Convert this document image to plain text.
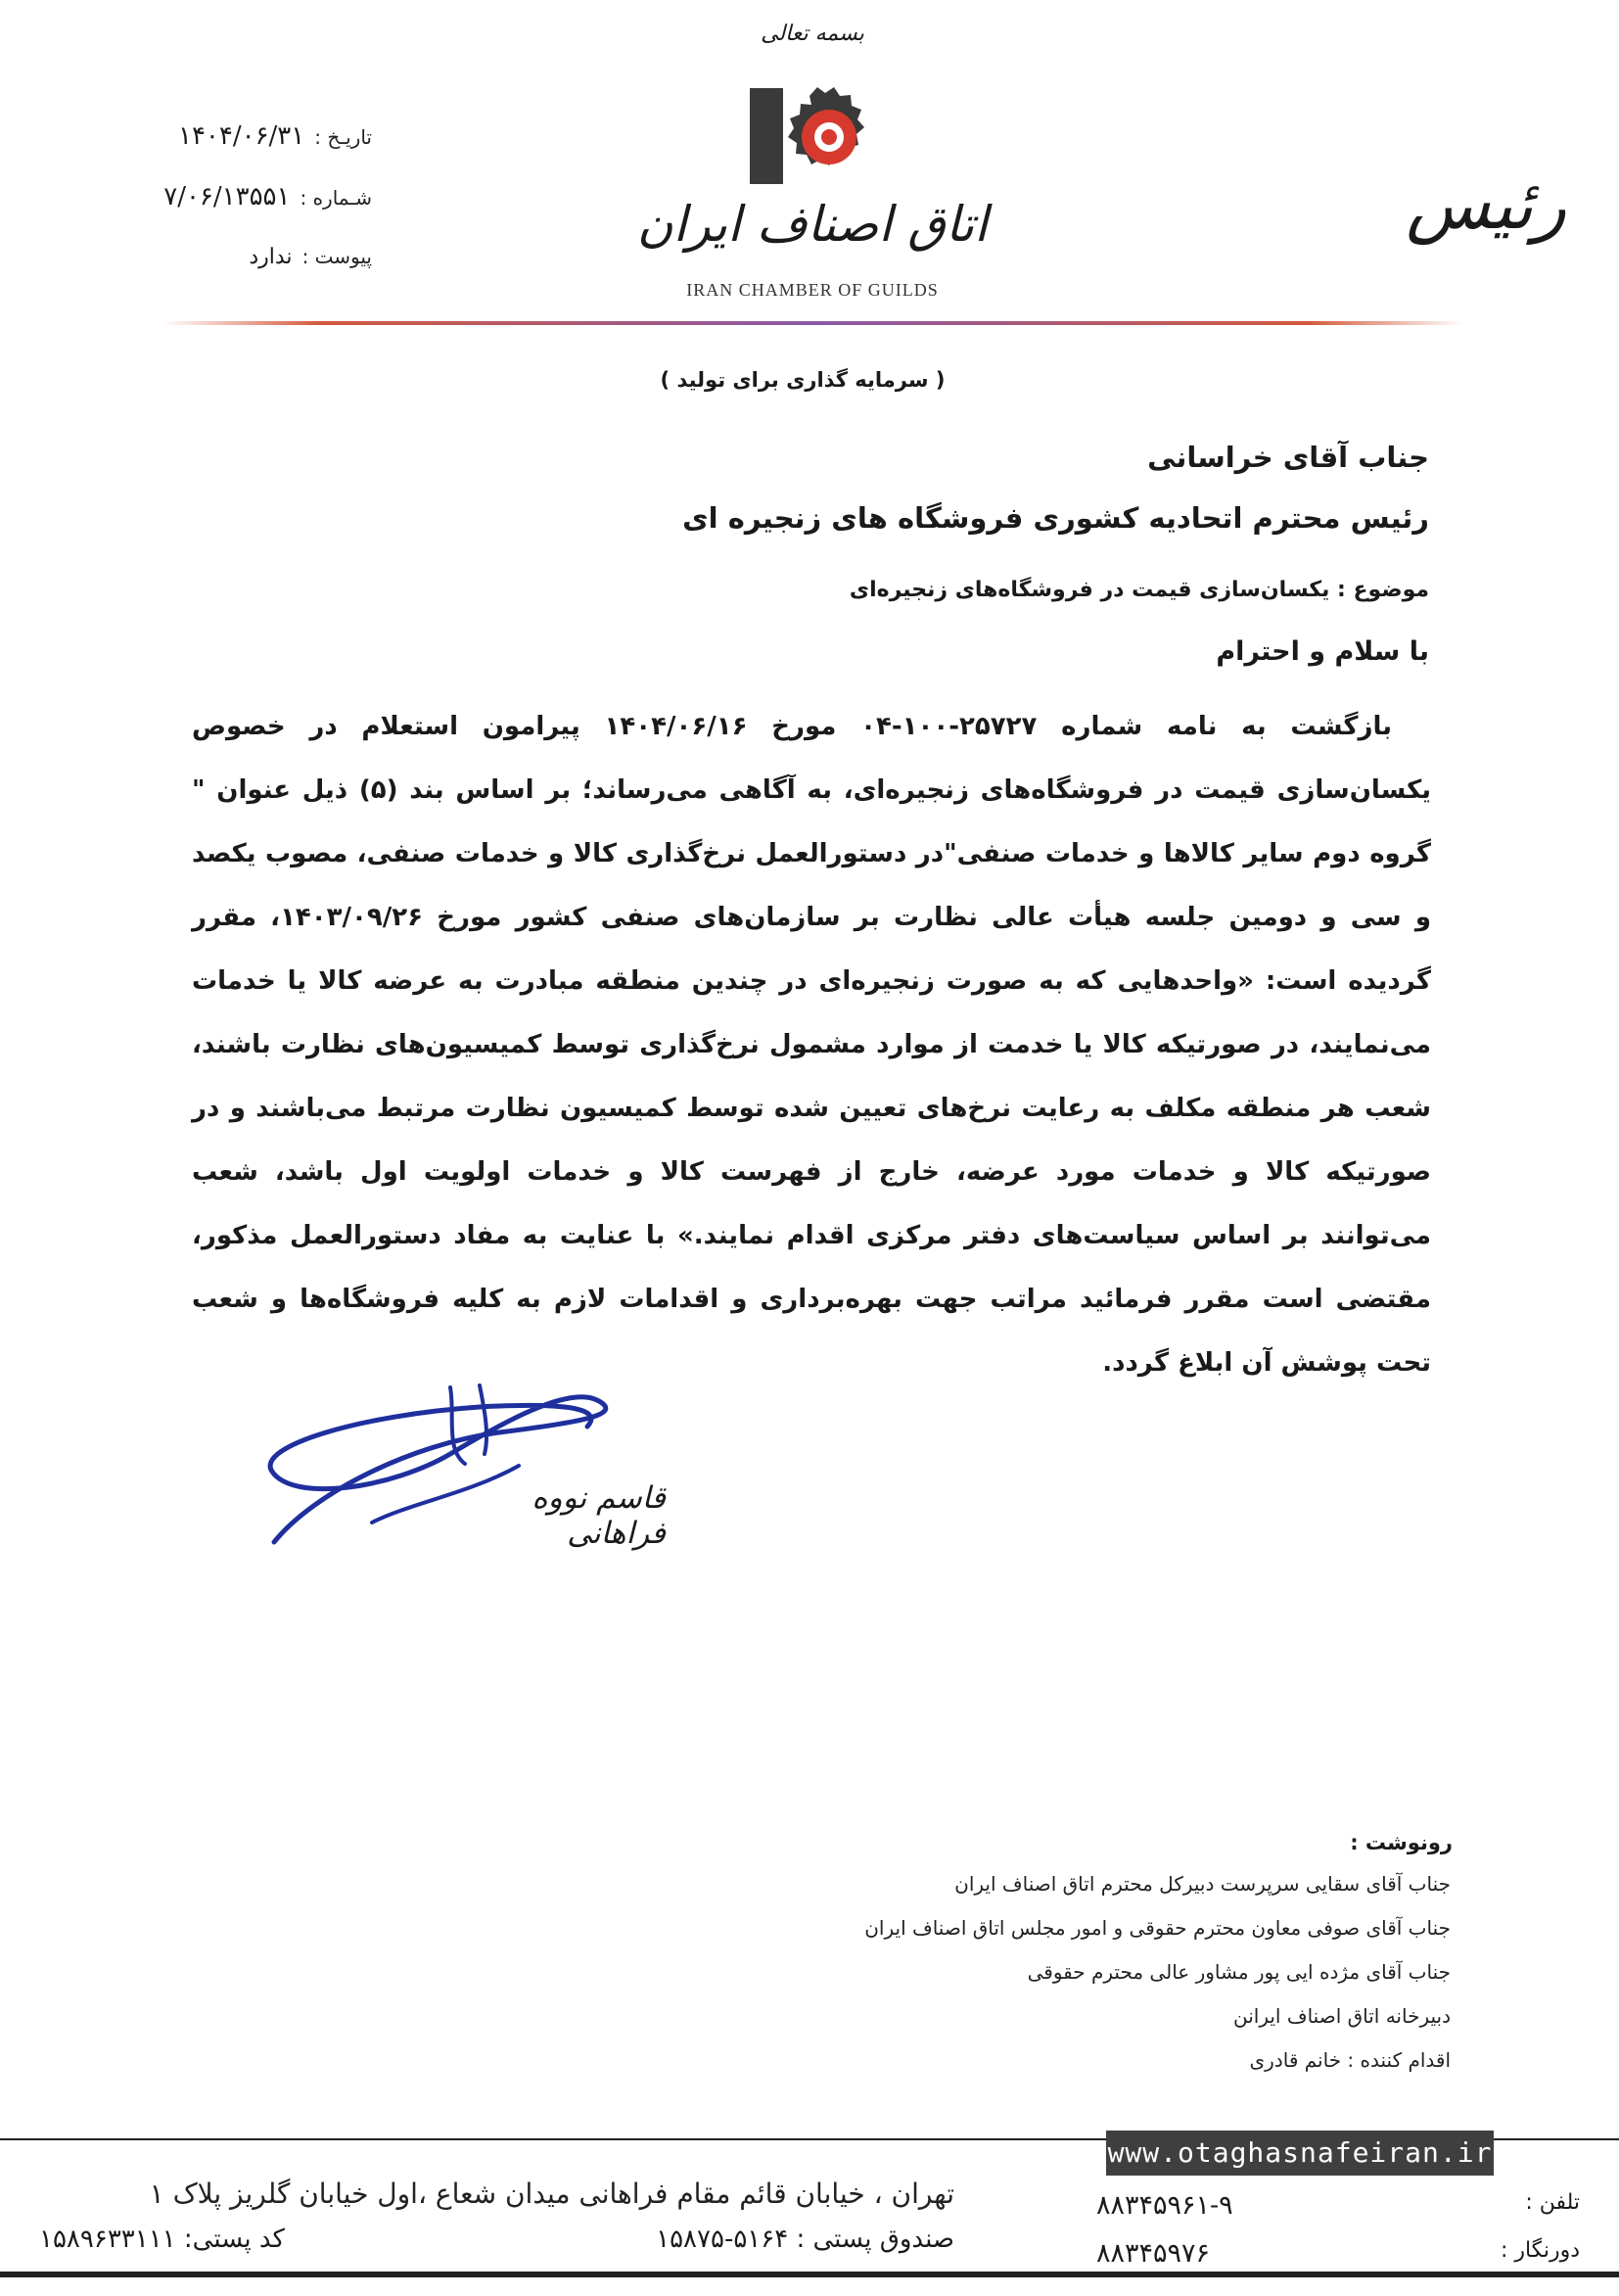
بسمه تعالی
اتاق اصناف ایران
IRAN CHAMBER OF GUILDS
رئیس
تاریـخ :
۱۴۰۴/۰۶/۳۱
شـماره :
۷/۰۶/۱۳۵۵۱
پیوست :
ندارد
( سرمایه گذاری برای تولید )
جناب آقای خراسانی
رئیس محترم اتحادیه کشوری فروشگاه های زنجیره ای
موضوع : یکسان‌سازی قیمت در فروشگاه‌های زنجیره‌ای
با سلام و احترام
بازگشت به نامه شماره ۲۵۷۲۷-۱۰۰-۰۴ مورخ ۱۴۰۴/۰۶/۱۶ پیرامون استعلام در خصوص یکسان‌سازی قیمت در فروشگاه‌های زنجیره‌ای، به آگاهی می‌رساند؛ بر اساس بند (۵) ذیل عنوان " گروه دوم سایر کالاها و خدمات صنفی"در دستورالعمل نرخ‌گذاری کالا و خدمات صنفی، مصوب یکصد و سی و دومین جلسه هیأت عالی نظارت بر سازمان‌های صنفی کشور مورخ ۱۴۰۳/۰۹/۲۶، مقرر گردیده است: «واحدهایی که به صورت زنجیره‌ای در چندین منطقه مبادرت به عرضه کالا یا خدمات می‌نمایند، در صورتیکه کالا یا خدمت از موارد مشمول نرخ‌گذاری توسط کمیسیون‌های نظارت باشند، شعب هر منطقه مکلف به رعایت نرخ‌های تعیین شده توسط کمیسیون نظارت مرتبط می‌باشند و در صورتیکه کالا و خدمات مورد عرضه، خارج از فهرست کالا و خدمات اولویت اول باشد، شعب می‌توانند بر اساس سیاست‌های دفتر مرکزی اقدام نمایند.» با عنایت به مفاد دستورالعمل مذکور، مقتضی است مقرر فرمائید مراتب جهت بهره‌برداری و اقدامات لازم به کلیه فروشگاه‌ها و شعب تحت پوشش آن ابلاغ گردد.
قاسم نووه فراهانی
رونوشت :
جناب آقای سقایی سرپرست دبیرکل محترم اتاق اصناف ایران
جناب آقای صوفی معاون محترم حقوقی و امور مجلس اتاق اصناف ایران
جناب آقای مژده ایی پور مشاور عالی محترم حقوقی
دبیرخانه اتاق اصناف ایرانن
اقدام کننده : خانم قادری
www.otaghasnafeiran.ir
تلفن :
۸۸۳۴۵۹۶۱-۹
دورنگار :
۸۸۳۴۵۹۷۶
تهران ، خیابان قائم مقام فراهانی میدان شعاع ،اول خیابان گلریز پلاک ۱
صندوق پستی : ۵۱۶۴-۱۵۸۷۵
کد پستی: ۱۵۸۹۶۳۳۱۱۱
